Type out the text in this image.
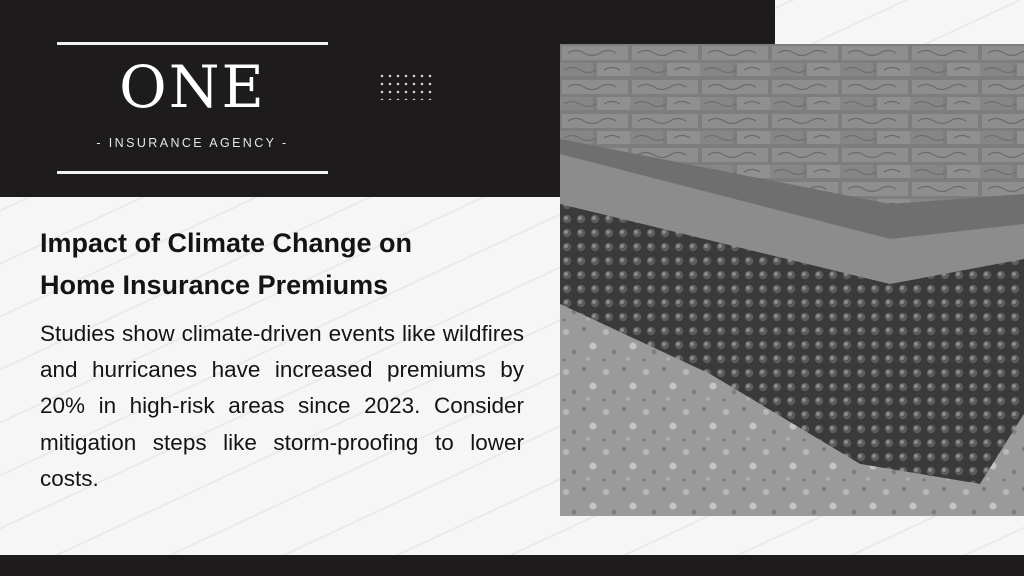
ONE
- INSURANCE AGENCY -
Impact of Climate Change on
Home Insurance Premiums

Studies show climate-driven events like wildfires and hurricanes have increased premiums by 20% in high-risk areas since 2023. Consider mitigation steps like storm-proofing to lower costs.
